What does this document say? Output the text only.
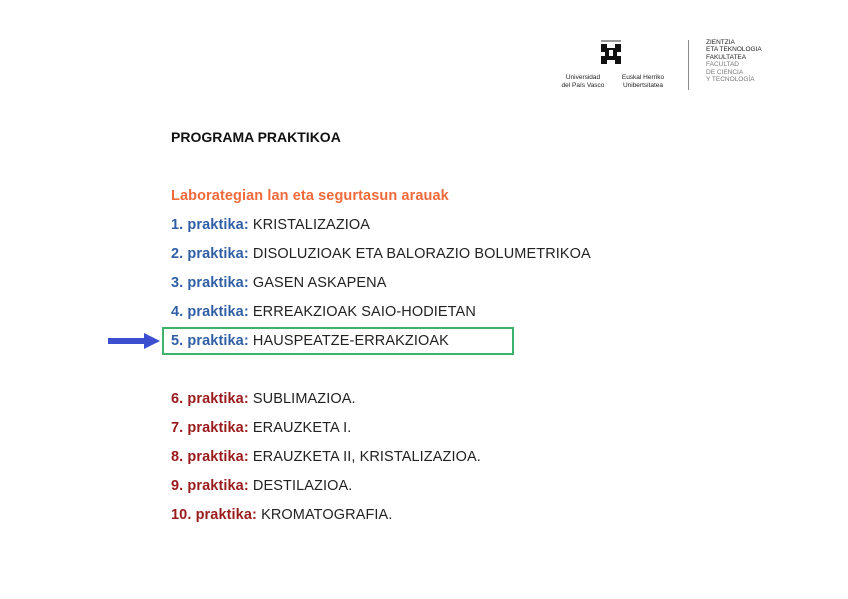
Universidad
del País Vasco
Euskal Herriko
Unibertsitatea
ZIENTZIA
ETA TEKNOLOGIA
FAKULTATEA
FACULTAD
DE CIENCIA
Y TECNOLOGÍA
PROGRAMA PRAKTIKOA
Laborategian lan eta segurtasun arauak
1. praktika: KRISTALIZAZIOA
2. praktika: DISOLUZIOAK ETA BALORAZIO BOLUMETRIKOA
3. praktika: GASEN ASKAPENA
4. praktika: ERREAKZIOAK SAIO-HODIETAN
5. praktika: HAUSPEATZE-ERRAKZIOAK
6. praktika: SUBLIMAZIOA.
7. praktika: ERAUZKETA I.
8. praktika: ERAUZKETA II, KRISTALIZAZIOA.
9. praktika: DESTILAZIOA.
10. praktika: KROMATOGRAFIA.
